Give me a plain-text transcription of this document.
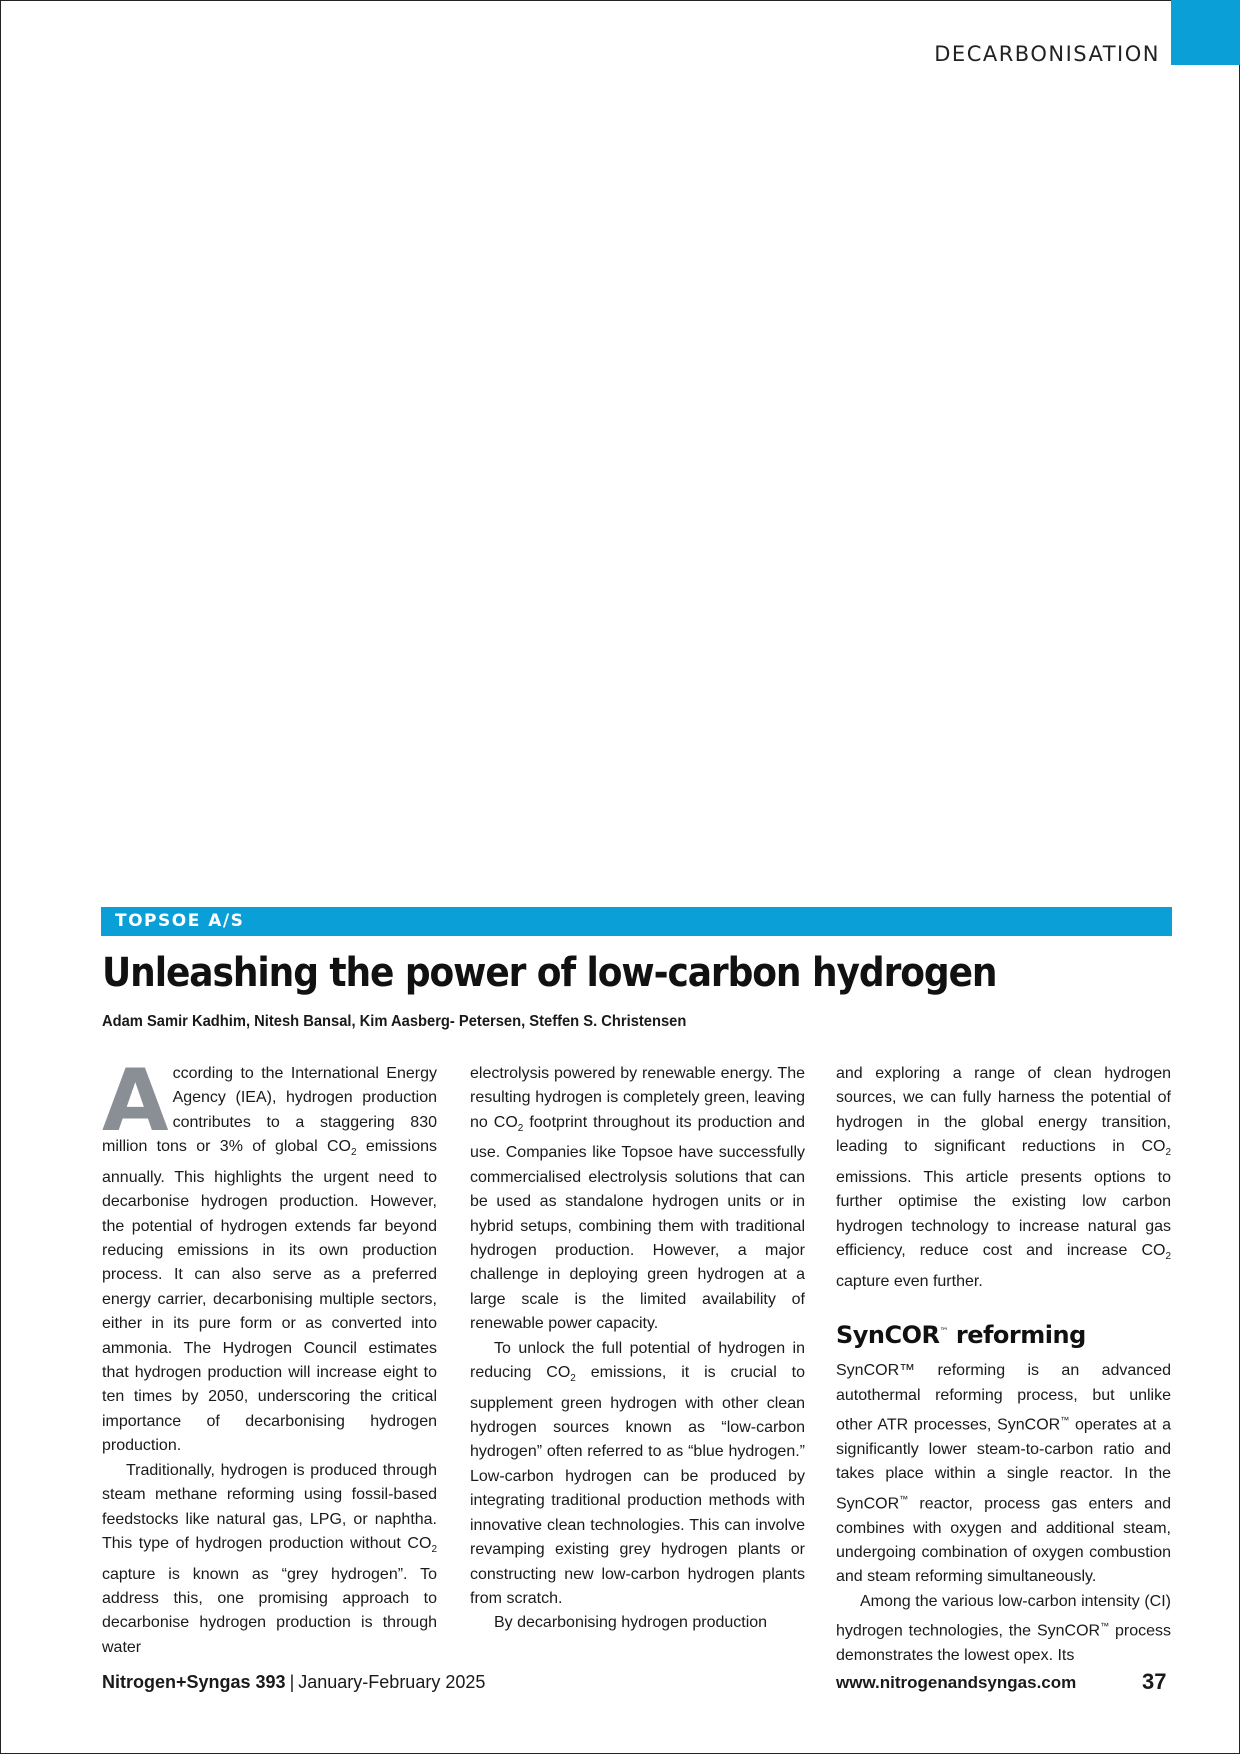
DECARBONISATION
TOPSOE A/S
Unleashing the power of low-carbon hydrogen
Adam Samir Kadhim, Nitesh Bansal, Kim Aasberg- Petersen, Steffen S. Christensen

According to the International Energy Agency (IEA), hydrogen production contributes to a staggering 830 million tons or 3% of global $CO_2$ emissions annually. This highlights the urgent need to decarbonise hydrogen production. However, the potential of hydrogen extends far beyond reducing emissions in its own production process. It can also serve as a preferred energy carrier, decarbonising multiple sectors, either in its pure form or as converted into ammonia. The Hydrogen Council estimates that hydrogen production will increase eight to ten times by 2050, underscoring the critical importance of decarbonising hydrogen production.

Traditionally, hydrogen is produced through steam methane reforming using fossil-based feedstocks like natural gas, LPG, or naphtha. This type of hydrogen production without $CO_2$ capture is known as “grey hydrogen”. To address this, one promising approach to decarbonise hydrogen production is through water

electrolysis powered by renewable energy. The resulting hydrogen is completely green, leaving no $CO_2$ footprint throughout its production and use. Companies like Topsoe have successfully commercialised electrolysis solutions that can be used as standalone hydrogen units or in hybrid setups, combining them with traditional hydrogen production. However, a major challenge in deploying green hydrogen at a large scale is the limited availability of renewable power capacity.

To unlock the full potential of hydrogen in reducing $CO_2$ emissions, it is crucial to supplement green hydrogen with other clean hydrogen sources known as “low-carbon hydrogen” often referred to as “blue hydrogen.” Low-carbon hydrogen can be produced by integrating traditional production methods with innovative clean technologies. This can involve revamping existing grey hydrogen plants or constructing new low-carbon hydrogen plants from scratch.

By decarbonising hydrogen production

and exploring a range of clean hydrogen sources, we can fully harness the potential of hydrogen in the global energy transition, leading to significant reductions in $CO_2$ emissions. This article presents options to further optimise the existing low carbon hydrogen technology to increase natural gas efficiency, reduce cost and increase $CO_2$ capture even further.

SynCOR™ reforming

SynCOR™ reforming is an advanced autothermal reforming process, but unlike other ATR processes, SynCOR™ operates at a significantly lower steam-to-carbon ratio and takes place within a single reactor. In the SynCOR™ reactor, process gas enters and combines with oxygen and additional steam, undergoing combination of oxygen combustion and steam reforming simultaneously.

Among the various low-carbon intensity (CI) hydrogen technologies, the SynCOR™ process demonstrates the lowest opex. Its

Nitrogen+Syngas 393 | January-February 2025	www.nitrogenandsyngas.com	37
